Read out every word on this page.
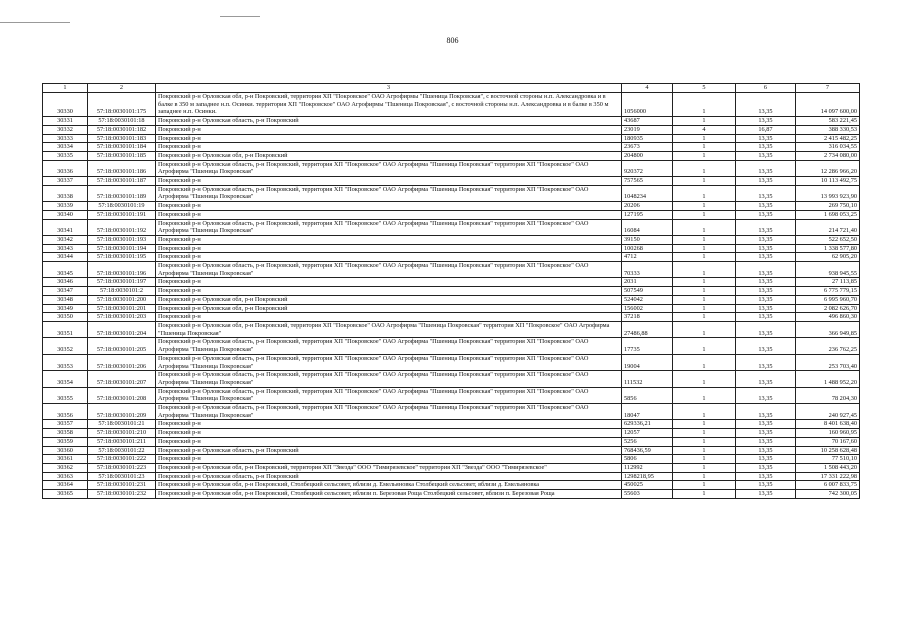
806
1	2	3	4	5	6	7
30330	57:18:0030101:175	Покровский р-н Орловская обл, р-н Покровский, территория ХП "Покровское" ОАО Агрофирмы "Пшеница Покровская", с восточной стороны н.п. Александровка и в балке в 350 м западнее н.п. Осинки. территория ХП "Покровское" ОАО Агрофирмы "Пшеница Покровская", с восточной стороны н.п. Александровка и в балке в 350 м западнее н.п. Осинки.	1056000	1	13,35	14 097 600,00
30331	57:18:0030101:18	Покровский р-н Орловская область, р-н Покровский	43687	1	13,35	583 221,45
30332	57:18:0030101:182	Покровский р-н	23019	4	16,87	388 330,53
30333	57:18:0030101:183	Покровский р-н	180935	1	13,35	2 415 482,25
30334	57:18:0030101:184	Покровский р-н	23673	1	13,35	316 034,55
30335	57:18:0030101:185	Покровский р-н Орловская обл, р-н Покровский	204800	1	13,35	2 734 080,00
30336	57:18:0030101:186	Покровский р-н Орловская область, р-н Покровский, территория ХП "Покровское" ОАО Агрофирма "Пшеница Покровская" территория ХП "Покровское" ОАО Агрофирма "Пшеница Покровская"	920372	1	13,35	12 286 966,20
30337	57:18:0030101:187	Покровский р-н	757565	1	13,35	10 113 492,75
30338	57:18:0030101:189	Покровский р-н Орловская область, р-н Покровский, территория ХП "Покровское" ОАО Агрофирма "Пшеница Покровская" территория ХП "Покровское" ОАО Агрофирма "Пшеница Покровская"	1048234	1	13,35	13 993 923,90
30339	57:18:0030101:19	Покровский р-н	20206	1	13,35	269 750,10
30340	57:18:0030101:191	Покровский р-н	127195	1	13,35	1 698 053,25
30341	57:18:0030101:192	Покровский р-н Орловская область, р-н Покровский, территория ХП "Покровское" ОАО Агрофирма "Пшеница Покровская" территория ХП "Покровское" ОАО Агрофирма "Пшеница Покровская"	16084	1	13,35	214 721,40
30342	57:18:0030101:193	Покровский р-н	39150	1	13,35	522 652,50
30343	57:18:0030101:194	Покровский р-н	100268	1	13,35	1 338 577,80
30344	57:18:0030101:195	Покровский р-н	4712	1	13,35	62 905,20
30345	57:18:0030101:196	Покровский р-н Орловская область, р-н Покровский, территория ХП "Покровское" ОАО Агрофирма "Пшеница Покровская" территория ХП "Покровское" ОАО Агрофирма "Пшеница Покровская"	70333	1	13,35	938 945,55
30346	57:18:0030101:197	Покровский р-н	2031	1	13,35	27 113,85
30347	57:18:0030101:2	Покровский р-н	507549	1	13,35	6 775 779,15
30348	57:18:0030101:200	Покровский р-н Орловская обл, р-н Покровский	524042	1	13,35	6 995 960,70
30349	57:18:0030101:201	Покровский р-н Орловская обл, р-н Покровский	156002	1	13,35	2 082 626,70
30350	57:18:0030101:203	Покровский р-н	37218	1	13,35	496 860,30
30351	57:18:0030101:204	Покровский р-н Орловская обл, р-н Покровский, территория ХП "Покровское" ОАО Агрофирма "Пшеница Покровская" территория ХП "Покровское" ОАО Агрофирма "Пшеница Покровская"	27486,88	1	13,35	366 949,85
30352	57:18:0030101:205	Покровский р-н Орловская область, р-н Покровский, территория ХП "Покровское" ОАО Агрофирма "Пшеница Покровская" территория ХП "Покровское" ОАО Агрофирма "Пшеница Покровская"	17735	1	13,35	236 762,25
30353	57:18:0030101:206	Покровский р-н Орловская область, р-н Покровский, территория ХП "Покровское" ОАО Агрофирма "Пшеница Покровская" территория ХП "Покровское" ОАО Агрофирма "Пшеница Покровская"	19004	1	13,35	253 703,40
30354	57:18:0030101:207	Покровский р-н Орловская область, р-н Покровский, территория ХП "Покровское" ОАО Агрофирма "Пшеница Покровская" территория ХП "Покровское" ОАО Агрофирма "Пшеница Покровская"	111532	1	13,35	1 488 952,20
30355	57:18:0030101:208	Покровский р-н Орловская область, р-н Покровский, территория ХП "Покровское" ОАО Агрофирма "Пшеница Покровская" территория ХП "Покровское" ОАО Агрофирма "Пшеница Покровская"	5856	1	13,35	78 204,30
30356	57:18:0030101:209	Покровский р-н Орловская область, р-н Покровский, территория ХП "Покровское" ОАО Агрофирма "Пшеница Покровская" территория ХП "Покровское" ОАО Агрофирма "Пшеница Покровская"	18047	1	13,35	240 927,45
30357	57:18:0030101:21	Покровский р-н	629336,21	1	13,35	8 401 638,40
30358	57:18:0030101:210	Покровский р-н	12057	1	13,35	160 960,95
30359	57:18:0030101:211	Покровский р-н	5256	1	13,35	70 167,60
30360	57:18:0030101:22	Покровский р-н Орловская область, р-н Покровский	768436,59	1	13,35	10 258 628,48
30361	57:18:0030101:222	Покровский р-н	5806	1	13,35	77 510,10
30362	57:18:0030101:223	Покровский р-н Орловская обл, р-н Покровский, территория ХП "Звезда" ООО "Тимирязевское" территория ХП "Звезда" ООО "Тимирязевское"	112992	1	13,35	1 508 443,20
30363	57:18:0030101:23	Покровский р-н Орловская область, р-н Покровский	1298218,95	1	13,35	17 331 222,98
30364	57:18:0030101:231	Покровский р-н Орловская обл, р-н Покровский, Столбецкий сельсовет, вблизи д. Емельяновка Столбецкий сельсовет, вблизи д. Емельяновка	450025	1	13,35	6 007 833,75
30365	57:18:0030101:232	Покровский р-н Орловская обл, р-н Покровский, Столбецкий сельсовет, вблизи п. Березовая Роща Столбецкий сельсовет, вблизи п. Березовая Роща	55603	1	13,35	742 300,05
